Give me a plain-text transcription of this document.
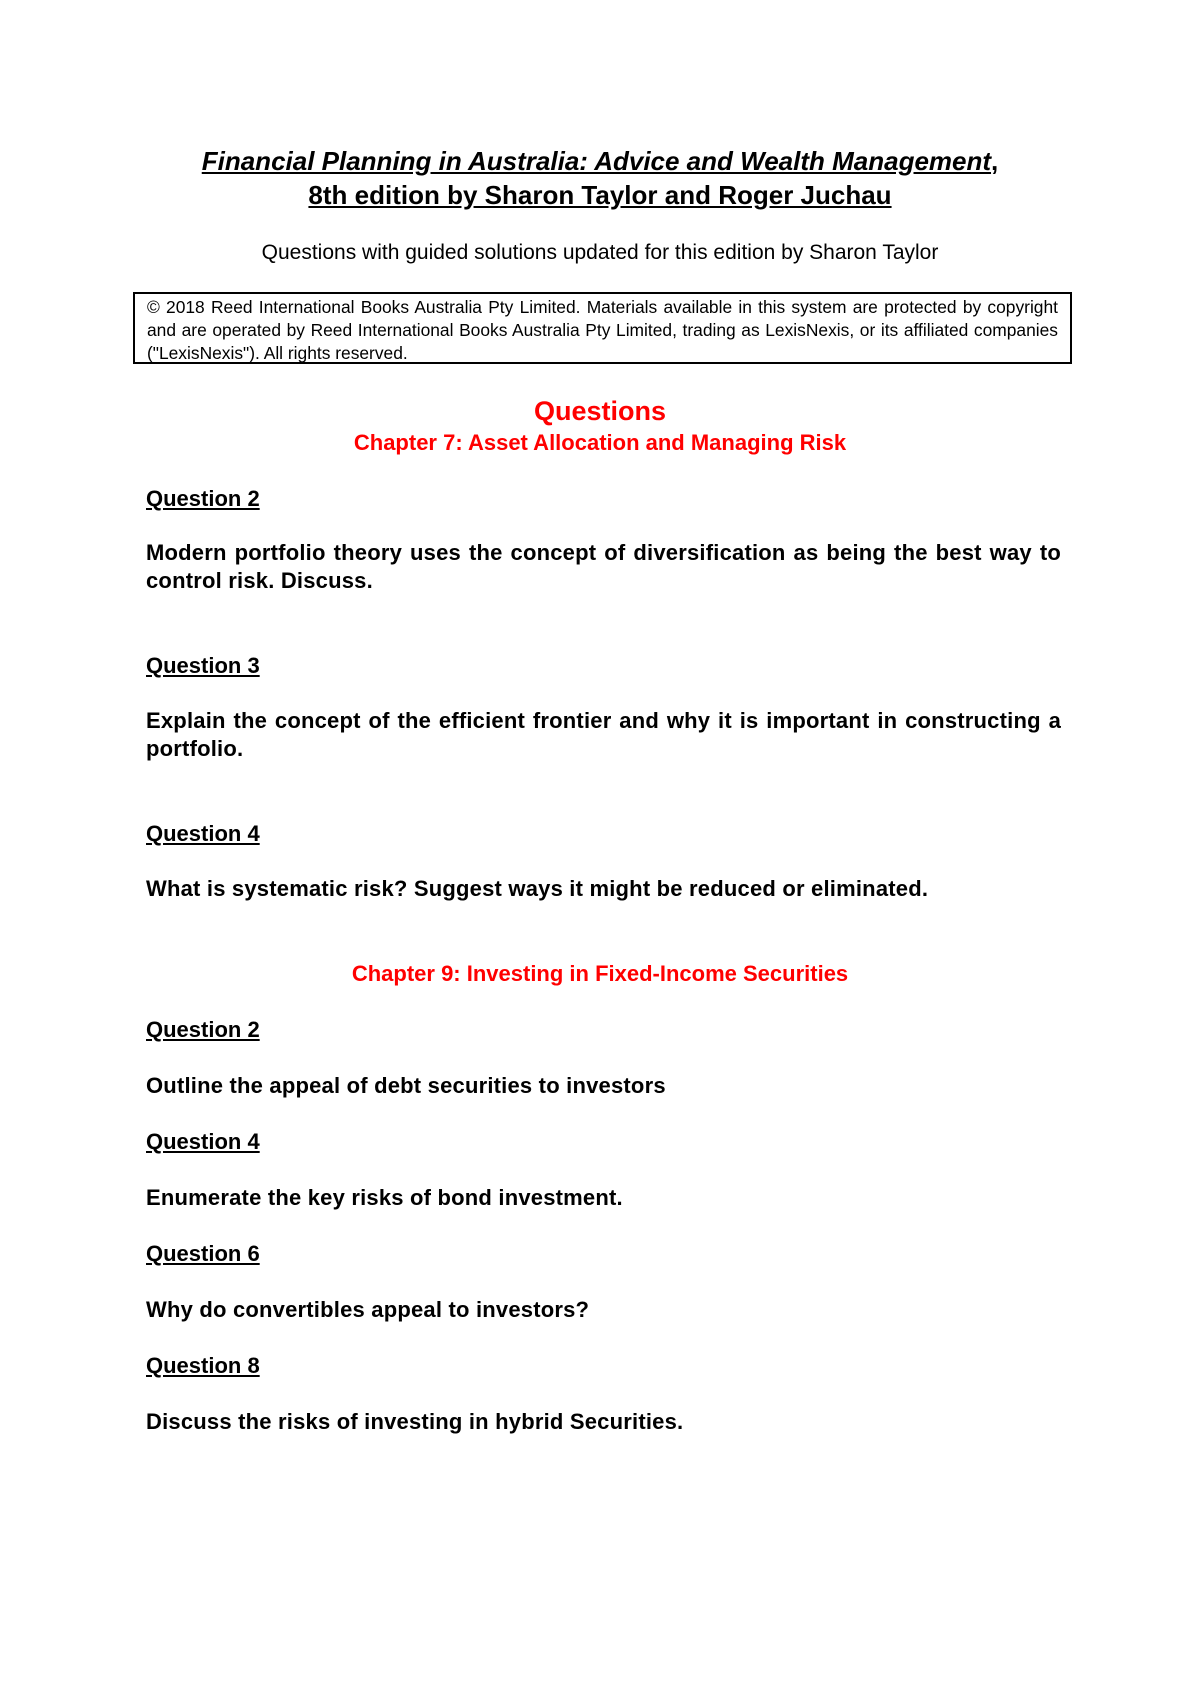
Financial Planning in Australia: Advice and Wealth Management,
8th edition by Sharon Taylor and Roger Juchau
Questions with guided solutions updated for this edition by Sharon Taylor
© 2018 Reed International Books Australia Pty Limited. Materials available in this system are protected by copyright and are operated by Reed International Books Australia Pty Limited, trading as LexisNexis, or its affiliated companies ("LexisNexis"). All rights reserved.
Questions
Chapter 7: Asset Allocation and Managing Risk
Question 2
Modern portfolio theory uses the concept of diversification as being the best way to control risk. Discuss.
Question 3
Explain the concept of the efficient frontier and why it is important in constructing a portfolio.
Question 4
What is systematic risk? Suggest ways it might be reduced or eliminated.
Chapter 9: Investing in Fixed-Income Securities
Question 2
Outline the appeal of debt securities to investors
Question 4
Enumerate the key risks of bond investment.
Question 6
Why do convertibles appeal to investors?
Question 8
Discuss the risks of investing in hybrid Securities.
